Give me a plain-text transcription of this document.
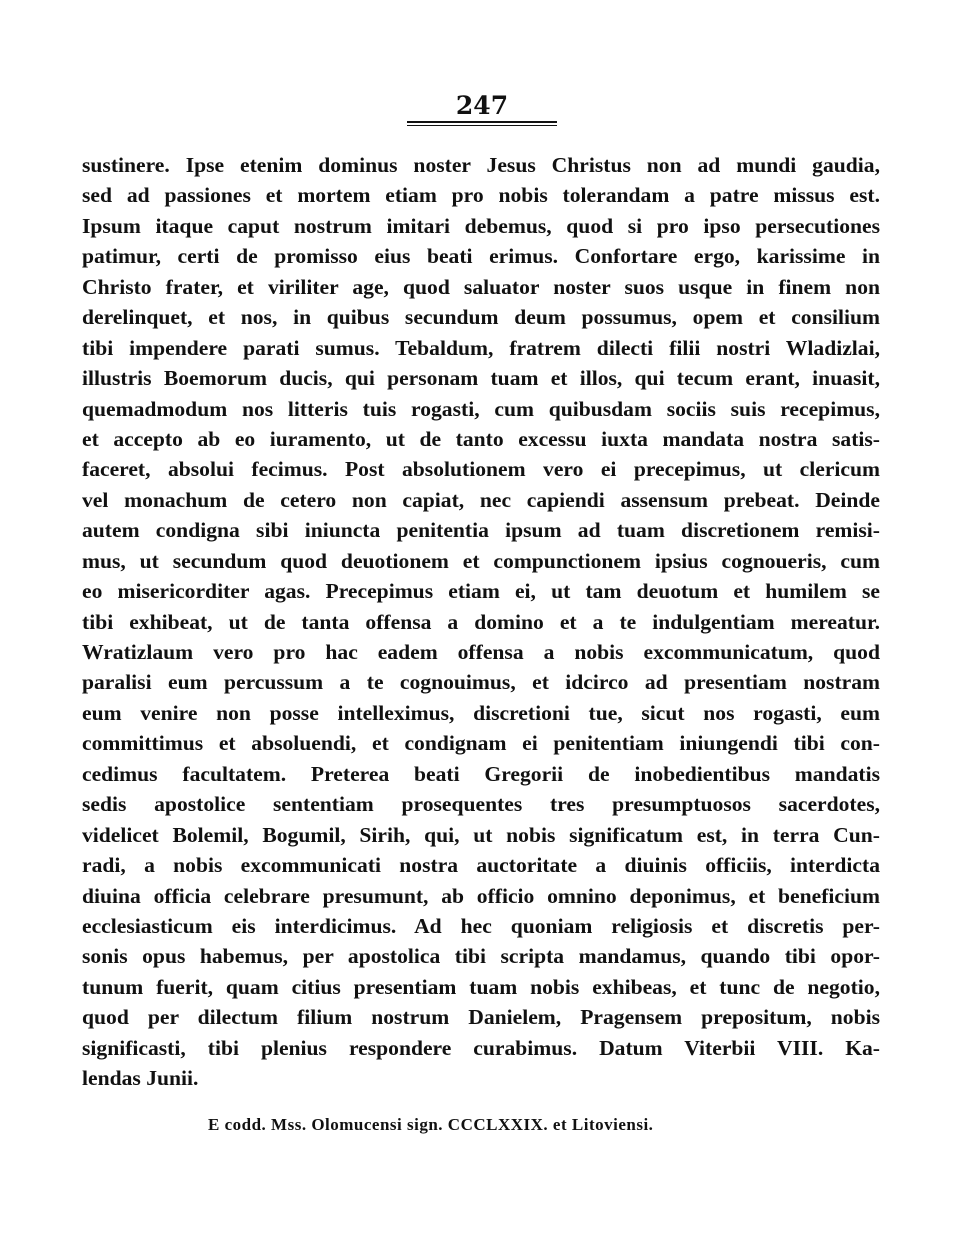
247
sustinere. Ipse etenim dominus noster Jesus Christus non ad mundi gaudia,
sed ad passiones et mortem etiam pro nobis tolerandam a patre missus est.
Ipsum itaque caput nostrum imitari debemus, quod si pro ipso persecutiones
patimur, certi de promisso eius beati erimus. Confortare ergo, karissime in
Christo frater, et viriliter age, quod saluator noster suos usque in finem non
derelinquet, et nos, in quibus secundum deum possumus, opem et consilium
tibi impendere parati sumus. Tebaldum, fratrem dilecti filii nostri Wladizlai,
illustris Boemorum ducis, qui personam tuam et illos, qui tecum erant, inuasit,
quemadmodum nos litteris tuis rogasti, cum quibusdam sociis suis recepimus,
et accepto ab eo iuramento, ut de tanto excessu iuxta mandata nostra satis-
faceret, absolui fecimus. Post absolutionem vero ei precepimus, ut clericum
vel monachum de cetero non capiat, nec capiendi assensum prebeat. Deinde
autem condigna sibi iniuncta penitentia ipsum ad tuam discretionem remisi-
mus, ut secundum quod deuotionem et compunctionem ipsius cognoueris, cum
eo misericorditer agas. Precepimus etiam ei, ut tam deuotum et humilem se
tibi exhibeat, ut de tanta offensa a domino et a te indulgentiam mereatur.
Wratizlaum vero pro hac eadem offensa a nobis excommunicatum, quod
paralisi eum percussum a te cognouimus, et idcirco ad presentiam nostram
eum venire non posse intelleximus, discretioni tue, sicut nos rogasti, eum
committimus et absoluendi, et condignam ei penitentiam iniungendi tibi con-
cedimus facultatem. Preterea beati Gregorii de inobedientibus mandatis
sedis apostolice sententiam prosequentes tres presumptuosos sacerdotes,
videlicet Bolemil, Bogumil, Sirih, qui, ut nobis significatum est, in terra Cun-
radi, a nobis excommunicati nostra auctoritate a diuinis officiis, interdicta
diuina officia celebrare presumunt, ab officio omnino deponimus, et beneficium
ecclesiasticum eis interdicimus. Ad hec quoniam religiosis et discretis per-
sonis opus habemus, per apostolica tibi scripta mandamus, quando tibi opor-
tunum fuerit, quam citius presentiam tuam nobis exhibeas, et tunc de negotio,
quod per dilectum filium nostrum Danielem, Pragensem prepositum, nobis
significasti, tibi plenius respondere curabimus. Datum Viterbii VIII. Ka-
lendas Junii.
E codd. Mss. Olomucensi sign. CCCLXXIX. et Litoviensi.
